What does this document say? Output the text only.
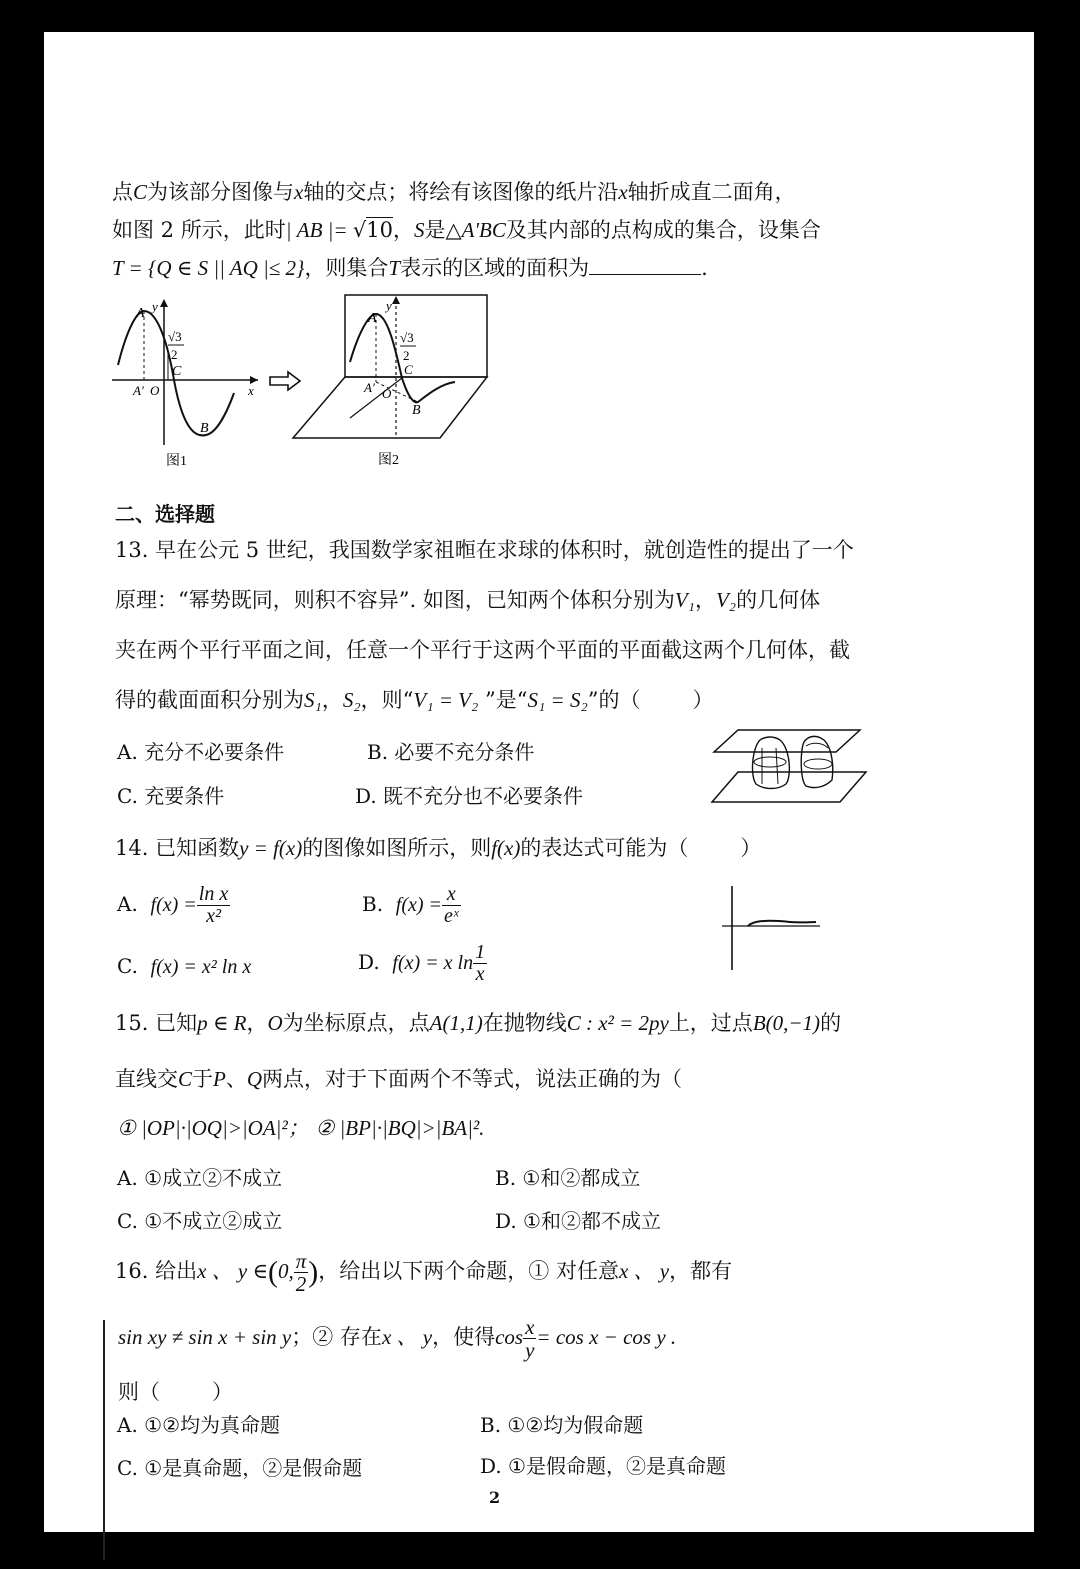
点C为该部分图像与x轴的交点；将绘有该图像的纸片沿x轴折成直二面角，
如图 2 所示，此时| AB |= √10，S是△A′BC及其内部的点构成的集合，设集合
T = {Q ∈ S || AQ |≤ 2}，则集合T表示的区域的面积为	.
y
A
√3
2
C
A′ O	x
B
图1
y
A
√3
2
C
A′ O
B
图2
二、选择题
13. 早在公元 5 世纪，我国数学家祖暅在求球的体积时，就创造性的提出了一个
原理：“幂势既同，则积不容异”. 如图，已知两个体积分别为V₁，V₂的几何体
夹在两个平行平面之间，任意一个平行于这两个平面的平面截这两个几何体，截
得的截面面积分别为S₁，S₂，则“V₁ = V₂ ”是“S₁ = S₂”的（ ）
A. 充分不必要条件	B. 必要不充分条件
C. 充要条件	D. 既不充分也不必要条件
14. 已知函数y = f(x)的图像如图所示，则f(x)的表达式可能为（ ）
A. $f(x) = \frac{\text{ln x}}{\text{x²}}$	B. $f(x) = \frac{x}{\text{eˣ}}$
C. f(x) = x² ln x	D. f(x) = x $\ln \frac{1}{x}$
15. 已知p ∈ R，O为坐标原点，点A(1,1)在抛物线C : x² = 2py上，过点B(0,−1)的
直线交C于P、Q两点，对于下面两个不等式，说法正确的为（
① |OP|·|OQ|>|OA|²； ② |BP|·|BQ|>|BA|².
A. ①成立②不成立	B. ①和②都成立
C. ①不成立②成立	D. ①和②都不成立
16. 给出x 、 y ∈(0, $\frac{\pi}{2}$ )，给出以下两个命题，① 对任意x 、 y，都有
sin xy ≠ sin x + sin y；② 存在x 、 y，使得$\cos \frac{x}{y} = \cos x - \cos y$ .
则（ ）
A. ①②均为真命题	B. ①②均为假命题
C. ①是真命题，②是假命题	D. ①是假命题，②是真命题
2
